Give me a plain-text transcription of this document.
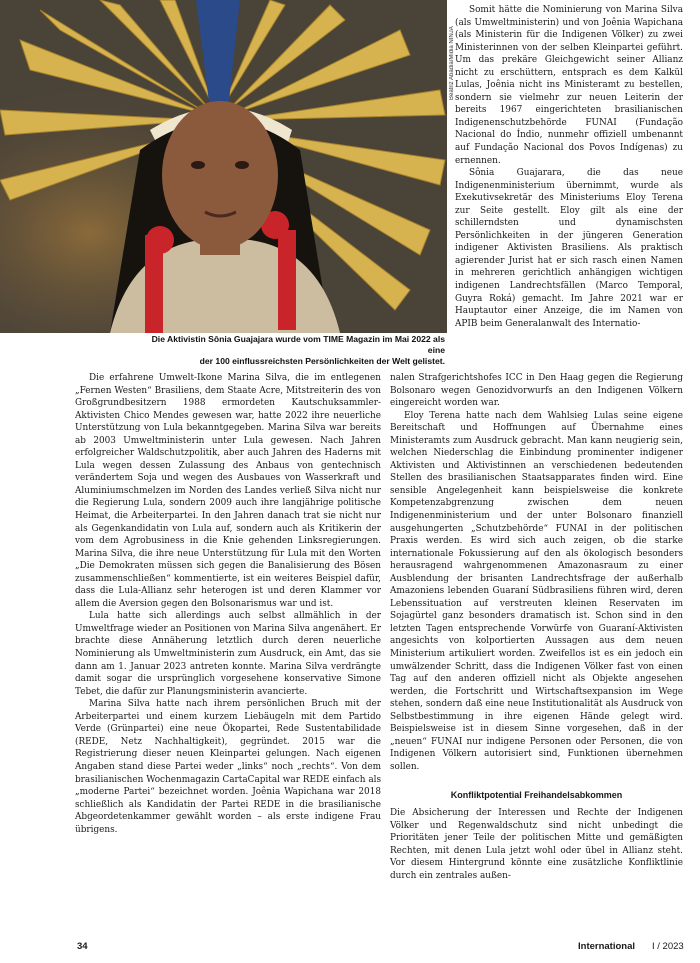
Beatriz Abadia/Midia NINJA
Die Aktivistin Sônia Guajajara wurde vom TIME Magazin im Mai 2022 als eine
der 100 einflussreichsten Persönlichkeiten der Welt gelistet.

Somit hätte die Nominierung von Marina Silva (als Umweltministerin) und von Joênia Wapichana (als Ministerin für die Indigenen Völker) zu zwei Ministerinnen von der selben Kleinpartei geführt. Um das prekäre Gleichgewicht seiner Allianz nicht zu erschüttern, entsprach es dem Kalkül Lulas, Joênia nicht ins Ministeramt zu bestellen, sondern sie vielmehr zur neuen Leiterin der bereits 1967 eingerichteten brasilianischen Indigenenschutzbehörde FUNAI (Fundação Nacional do Índio, nunmehr offiziell umbenannt auf Fundação Nacional dos Povos Indígenas) zu ernennen.

Sônia Guajarara, die das neue Indigenenministerium übernimmt, wurde als Exekutivsekretär des Ministeriums Eloy Terena zur Seite gestellt. Eloy gilt als eine der schillerndsten und dynamischsten Persönlichkeiten in der jüngeren Generation indigener Aktivisten Brasiliens. Als praktisch agierender Jurist hat er sich rasch einen Namen in mehreren gerichtlich anhängigen wichtigen indigenen Landrechtsfällen (Marco Temporal, Guyra Roká) gemacht. Im Jahre 2021 war er Hauptautor einer Anzeige, die im Namen von APIB beim Generalanwalt des Internatio-

Die erfahrene Umwelt-Ikone Marina Silva, die im entlegenen „Fernen Westen“ Brasiliens, dem Staate Acre, Mitstreiterin des von Großgrundbesitzern 1988 ermordeten Kautschuksammler-Aktivisten Chico Mendes gewesen war, hatte 2022 ihre neuerliche Unterstützung von Lula bekanntgegeben. Marina Silva war bereits ab 2003 Umweltministerin unter Lula gewesen. Nach Jahren erfolgreicher Waldschutzpolitik, aber auch Jahren des Haderns mit Lula wegen dessen Zulassung des Anbaus von gentechnisch verändertem Soja und wegen des Ausbaues von Wasserkraft und Aluminiumschmelzen im Norden des Landes verließ Silva nicht nur die Regierung Lula, sondern 2009 auch ihre langjährige politische Heimat, die Arbeiterpartei. In den Jahren danach trat sie nicht nur als Gegenkandidatin von Lula auf, sondern auch als Kritikerin der vom dem Agrobusiness in die Knie gehenden Linksregierungen. Marina Silva, die ihre neue Unterstützung für Lula mit den Worten „Die Demokraten müssen sich gegen die Banalisierung des Bösen zusammenschließen“ kommentierte, ist ein weiteres Beispiel dafür, dass die Lula-Allianz sehr heterogen ist und deren Klammer vor allem die Aversion gegen den Bolsonarismus war und ist.

Lula hatte sich allerdings auch selbst allmählich in der Umweltfrage wieder an Positionen von Marina Silva angenähert. Er brachte diese Annäherung letztlich durch deren neuerliche Nominierung als Umweltministerin zum Ausdruck, ein Amt, das sie dann am 1. Januar 2023 antreten konnte. Marina Silva verdrängte damit sogar die ursprünglich vorgesehene konservative Simone Tebet, die dafür zur Planungsministerin avancierte.

Marina Silva hatte nach ihrem persönlichen Bruch mit der Arbeiterpartei und einem kurzem Liebäugeln mit dem Partido Verde (Grünpartei) eine neue Ökopartei, Rede Sustentabilidade (REDE, Netz Nachhaltigkeit), gegründet. 2015 war die Registrierung dieser neuen Kleinpartei gelungen. Nach eigenen Angaben stand diese Partei weder „links“ noch „rechts“. Von dem brasilianischen Wochenmagazin CartaCapital war REDE einfach als „moderne Partei“ bezeichnet worden. Joênia Wapichana war 2018 schließlich als Kandidatin der Partei REDE in die brasilianische Abgeordetenkammer gewählt worden – als erste indigene Frau übrigens.

nalen Strafgerichtshofes ICC in Den Haag gegen die Regierung Bolsonaro wegen Genozidvorwurfs an den Indigenen Völkern eingereicht worden war.

Eloy Terena hatte nach dem Wahlsieg Lulas seine eigene Bereitschaft und Hoffnungen auf Übernahme eines Ministeramts zum Ausdruck gebracht. Man kann neugierig sein, welchen Niederschlag die Einbindung prominenter indigener Aktivisten und Aktivistinnen an verschiedenen bedeutenden Stellen des brasilianischen Staatsapparates finden wird. Eine sensible Angelegenheit kann beispielsweise die konkrete Kompetenzabgrenzung zwischen dem neuen Indigenenministerium und der unter Bolsonaro finanziell ausgehungerten „Schutzbehörde“ FUNAI in der politischen Praxis werden. Es wird sich auch zeigen, ob die starke internationale Fokussierung auf den als ökologisch besonders herausragend wahrgenommenen Amazonasraum zu einer Ausblendung der brisanten Landrechtsfrage der außerhalb Amazoniens lebenden Guaraní Südbrasiliens führen wird, deren Lebenssituation auf verstreuten kleinen Reservaten im Sojagürtel ganz besonders dramatisch ist. Schon sind in den letzten Tagen entsprechende Vorwürfe von Guaraní-Aktivisten angesichts von kolportierten Aussagen aus dem neuen Ministerium artikuliert worden. Zweifellos ist es ein jedoch ein umwälzender Schritt, dass die Indigenen Völker fast von einen Tag auf den anderen offiziell nicht als Objekte angesehen werden, die Fortschritt und Wirtschaftsexpansion im Wege stehen, sondern daß eine neue Institutionalität als Ausdruck von Selbstbestimmung in ihre eigenen Hände gelegt wird. Beispielsweise ist in diesem Sinne vorgesehen, daß in der „neuen“ FUNAI nur indigene Personen oder Personen, die von Indigenen Völkern autorisiert sind, Funktionen übernehmen sollen.

Konfliktpotential Freihandelsabkommen

Die Absicherung der Interessen und Rechte der Indigenen Völker und Regenwaldschutz sind nicht unbedingt die Prioritäten jener Teile der politischen Mitte und gemäßigten Rechten, mit denen Lula jetzt wohl oder übel in Allianz steht. Vor diesem Hintergrund könnte eine zusätzliche Konfliktlinie durch ein zentrales außen-

34	International I / 2023
